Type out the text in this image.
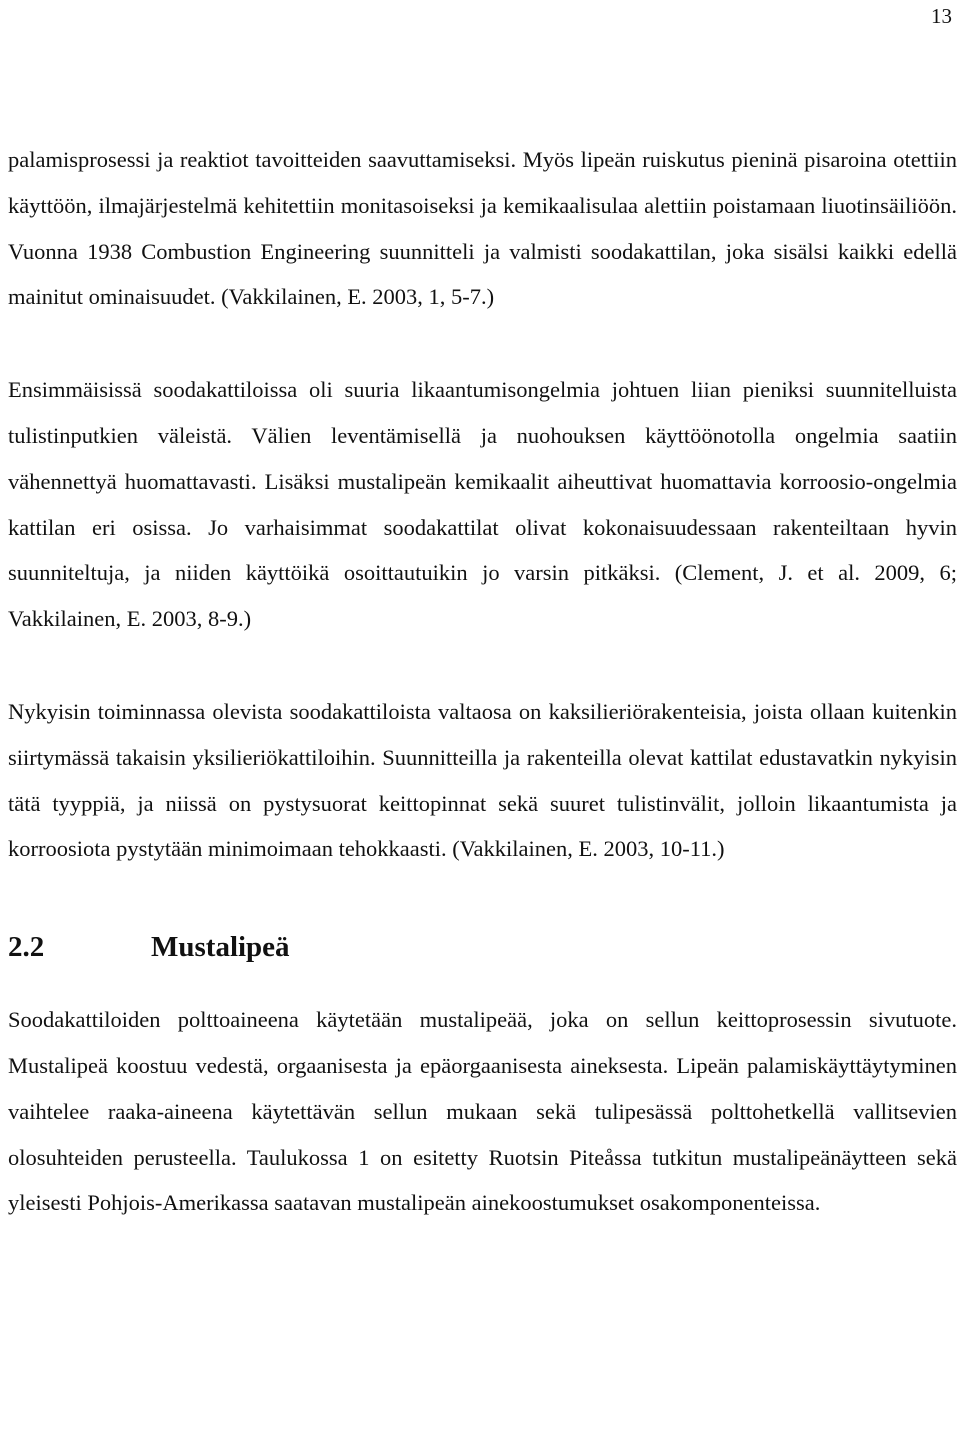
13

palamisprosessi ja reaktiot tavoitteiden saavuttamiseksi. Myös lipeän ruiskutus pieninä pisaroina otettiin käyttöön, ilmajärjestelmä kehitettiin monitasoiseksi ja kemikaalisulaa alettiin poistamaan liuotinsäiliöön. Vuonna 1938 Combustion Engineering suunnitteli ja valmisti soodakattilan, joka sisälsi kaikki edellä mainitut ominaisuudet. (Vakkilainen, E. 2003, 1, 5-7.)

Ensimmäisissä soodakattiloissa oli suuria likaantumisongelmia johtuen liian pieniksi suunnitelluista tulistinputkien väleistä. Välien leventämisellä ja nuohouksen käyttöönotolla ongelmia saatiin vähennettyä huomattavasti. Lisäksi mustalipeän kemikaalit aiheuttivat huomattavia korroosio-ongelmia kattilan eri osissa. Jo varhaisimmat soodakattilat olivat kokonaisuudessaan rakenteiltaan hyvin suunniteltuja, ja niiden käyttöikä osoittautuikin jo varsin pitkäksi. (Clement, J. et al. 2009, 6; Vakkilainen, E. 2003, 8-9.)

Nykyisin toiminnassa olevista soodakattiloista valtaosa on kaksilieriörakenteisia, joista ollaan kuitenkin siirtymässä takaisin yksilieriökattiloihin. Suunnitteilla ja rakenteilla olevat kattilat edustavatkin nykyisin tätä tyyppiä, ja niissä on pystysuorat keittopinnat sekä suuret tulistinvälit, jolloin likaantumista ja korroosiota pystytään minimoimaan tehokkaasti. (Vakkilainen, E. 2003, 10-11.)

2.2	Mustalipeä

Soodakattiloiden polttoaineena käytetään mustalipeää, joka on sellun keittoprosessin sivutuote. Mustalipeä koostuu vedestä, orgaanisesta ja epäorgaanisesta aineksesta. Lipeän palamiskäyttäytyminen vaihtelee raaka-aineena käytettävän sellun mukaan sekä tulipesässä polttohetkellä vallitsevien olosuhteiden perusteella. Taulukossa 1 on esitetty Ruotsin Piteåssa tutkitun mustalipeänäytteen sekä yleisesti Pohjois-Amerikassa saatavan mustalipeän ainekoostumukset osakomponenteissa.
